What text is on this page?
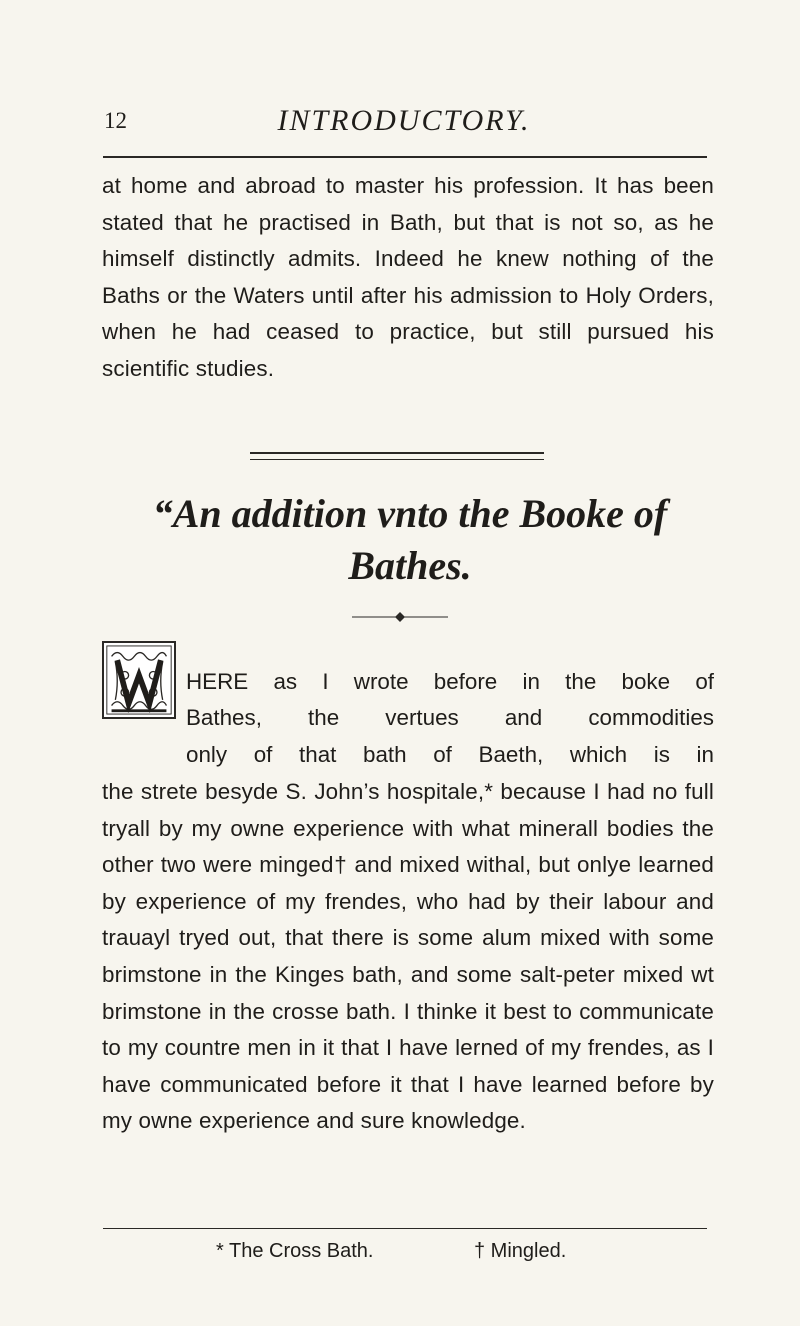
12	INTRODUCTORY.

at home and abroad to master his profession. It has been stated that he practised in Bath, but that is not so, as he himself distinctly admits. Indeed he knew nothing of the Baths or the Waters until after his admission to Holy Orders, when he had ceased to practice, but still pursued his scientific studies.

“An addition vnto the Booke of
Bathes.
HERE as I wrote before in the boke of
Bathes, the vertues and commodities
only of that bath of Baeth, which is in

the strete besyde S. John’s hospitale,* because I had no full tryall by my owne experience with what minerall bodies the other two were minged† and mixed withal, but onlye learned by experience of my frendes, who had by their labour and trauayl tryed out, that there is some alum mixed with some brimstone in the Kinges bath, and some salt-peter mixed wt brimstone in the crosse bath. I thinke it best to communicate to my countre men in it that I have lerned of my frendes, as I have communicated before it that I have learned before by my owne experience and sure knowledge.

* The Cross Bath.	† Mingled.
